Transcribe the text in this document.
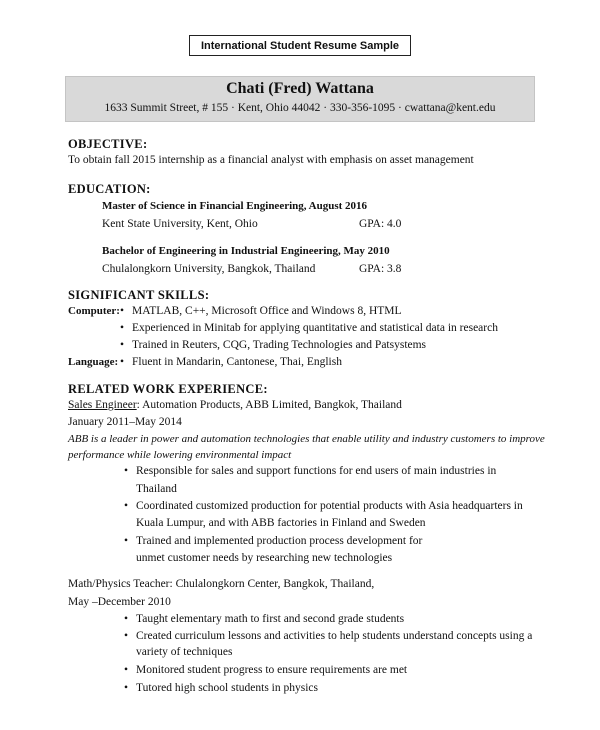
International Student Resume Sample
Chati (Fred) Wattana
1633 Summit Street, # 155 · Kent, Ohio 44042 · 330-356-1095 · cwattana@kent.edu
OBJECTIVE:
To obtain fall 2015 internship as a financial analyst with emphasis on asset management
EDUCATION:
Master of Science in Financial Engineering, August 2016
Kent State University, Kent, Ohio	GPA: 4.0
Bachelor of Engineering in Industrial Engineering, May 2010
Chulalongkorn University, Bangkok, Thailand	GPA: 3.8
SIGNIFICANT SKILLS:
Computer: • MATLAB, C++, Microsoft Office and Windows 8, HTML
• Experienced in Minitab for applying quantitative and statistical data in research
• Trained in Reuters, CQG, Trading Technologies and Patsystems
Language: • Fluent in Mandarin, Cantonese, Thai, English
RELATED WORK EXPERIENCE:
Sales Engineer: Automation Products, ABB Limited, Bangkok, Thailand
January 2011–May 2014
ABB is a leader in power and automation technologies that enable utility and industry customers to improve
performance while lowering environmental impact
• Responsible for sales and support functions for end users of main industries in
Thailand
• Coordinated customized production for potential products with Asia headquarters in
Kuala Lumpur, and with ABB factories in Finland and Sweden
• Trained and implemented production process development for
unmet customer needs by researching new technologies
Math/Physics Teacher: Chulalongkorn Center, Bangkok, Thailand,
May –December 2010
• Taught elementary math to first and second grade students
• Created curriculum lessons and activities to help students understand concepts using a
variety of techniques
• Monitored student progress to ensure requirements are met
• Tutored high school students in physics
